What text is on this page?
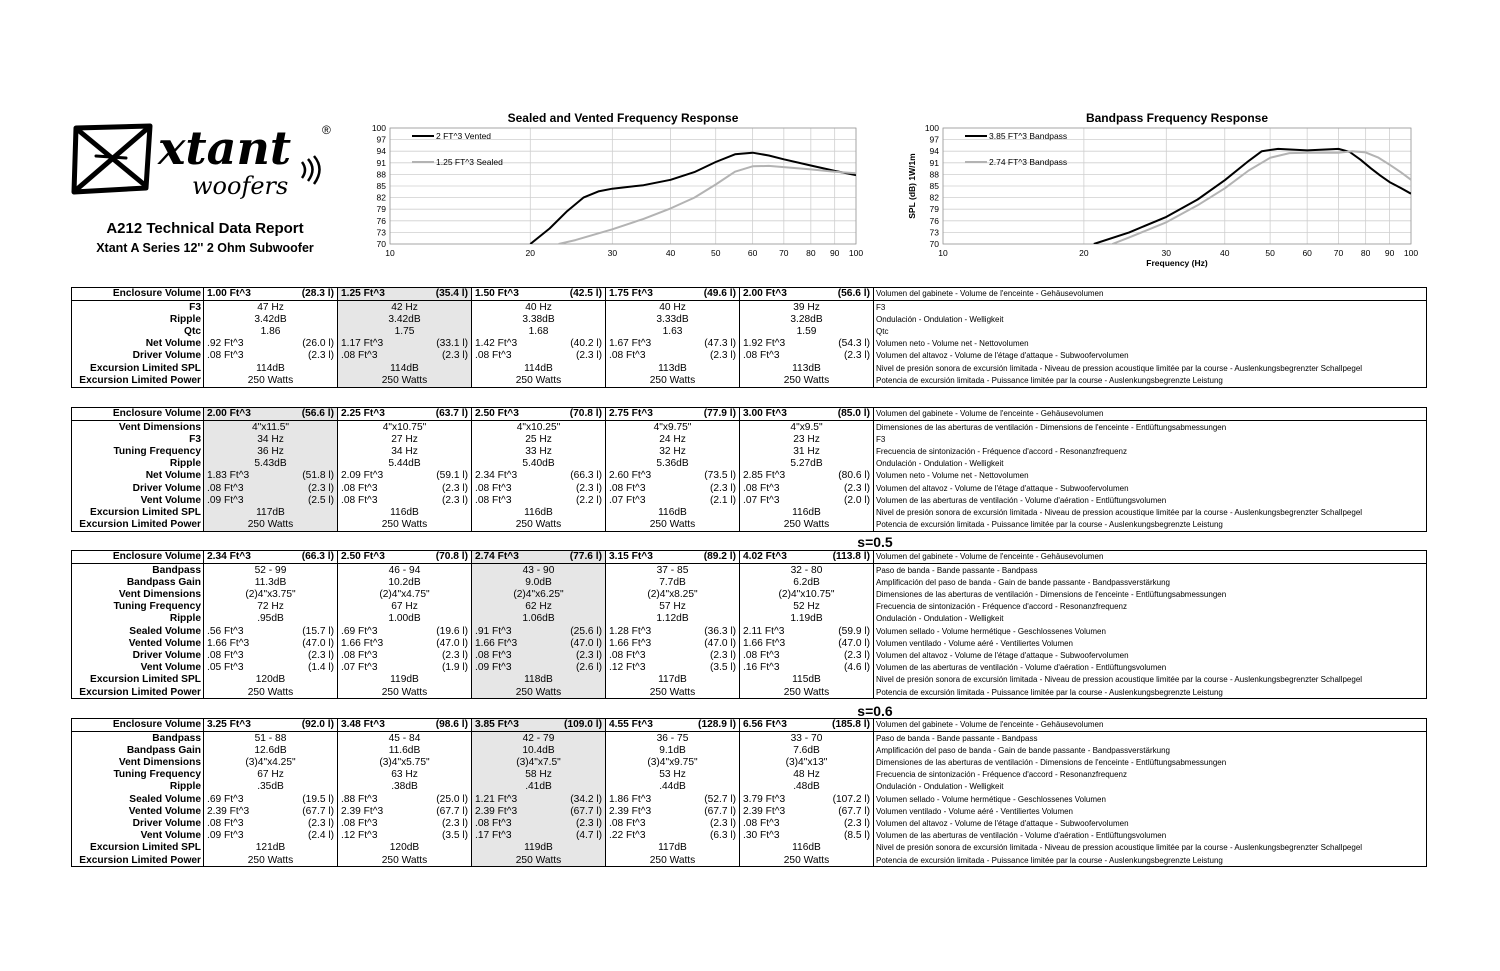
xtant
woofers
®
A212 Technical Data Report
Xtant A Series 12'' 2 Ohm Subwoofer
Sealed and Vented Frequency Response
100
97
94
91
88
85
82
79
76
73
70
10	20	30	40	50	60	70 80 90 100
2 FT^3 Vented
1.25 FT^3 Sealed
Bandpass Frequency Response
100
97
94
91
88
85
82
79
76
73
70
10	20	30	40	50	60	70 80 90 100
Frequency (Hz)
SPL (dB) 1W/1m
3.85 FT^3 Bandpass
2.74 FT^3 Bandpass
Enclosure Volume	1.00 Ft^3 (28.3 l)	1.25 Ft^3 (35.4 l)	1.50 Ft^3 (42.5 l)	1.75 Ft^3 (49.6 l)	2.00 Ft^3 (56.6 l)	Volumen del gabinete - Volume de l'enceinte - Gehäusevolumen
F3	47 Hz	42 Hz	40 Hz	40 Hz	39 Hz	F3
Ripple	3.42dB	3.42dB	3.38dB	3.33dB	3.28dB	Ondulación - Ondulation - Welligkeit
Qtc	1.86	1.75	1.68	1.63	1.59	Qtc
Net Volume	.92 Ft^3 (26.0 l)	1.17 Ft^3 (33.1 l)	1.42 Ft^3 (40.2 l)	1.67 Ft^3 (47.3 l)	1.92 Ft^3 (54.3 l)	Volumen neto - Volume net - Nettovolumen
Driver Volume	.08 Ft^3 (2.3 l)	.08 Ft^3 (2.3 l)	.08 Ft^3 (2.3 l)	.08 Ft^3 (2.3 l)	.08 Ft^3 (2.3 l)	Volumen del altavoz - Volume de l'étage d'attaque - Subwoofervolumen
Excursion Limited SPL	114dB	114dB	114dB	113dB	113dB	Nivel de presión sonora de excursión limitada - Niveau de pression acoustique limitée par la course - Auslenkungsbegrenzter Schallpegel
Excursion Limited Power	250 Watts	250 Watts	250 Watts	250 Watts	250 Watts	Potencia de excursión limitada - Puissance limitée par la course - Auslenkungsbegrenzte Leistung
Enclosure Volume	2.00 Ft^3 (56.6 l)	2.25 Ft^3 (63.7 l)	2.50 Ft^3 (70.8 l)	2.75 Ft^3 (77.9 l)	3.00 Ft^3 (85.0 l)	Volumen del gabinete - Volume de l'enceinte - Gehäusevolumen
Vent Dimensions	4"x11.5"	4"x10.75"	4"x10.25"	4"x9.75"	4"x9.5"	Dimensiones de las aberturas de ventilación - Dimensions de l'enceinte - Entlüftungsabmessungen
F3	34 Hz	27 Hz	25 Hz	24 Hz	23 Hz	F3
Tuning Frequency	36 Hz	34 Hz	33 Hz	32 Hz	31 Hz	Frecuencia de sintonización - Fréquence d'accord - Resonanzfrequenz
Ripple	5.43dB	5.44dB	5.40dB	5.36dB	5.27dB	Ondulación - Ondulation - Welligkeit
Net Volume	1.83 Ft^3 (51.8 l)	2.09 Ft^3 (59.1 l)	2.34 Ft^3 (66.3 l)	2.60 Ft^3 (73.5 l)	2.85 Ft^3 (80.6 l)	Volumen neto - Volume net - Nettovolumen
Driver Volume	.08 Ft^3 (2.3 l)	.08 Ft^3 (2.3 l)	.08 Ft^3 (2.3 l)	.08 Ft^3 (2.3 l)	.08 Ft^3 (2.3 l)	Volumen del altavoz - Volume de l'étage d'attaque - Subwoofervolumen
Vent Volume	.09 Ft^3 (2.5 l)	.08 Ft^3 (2.3 l)	.08 Ft^3 (2.2 l)	.07 Ft^3 (2.1 l)	.07 Ft^3 (2.0 l)	Volumen de las aberturas de ventilación - Volume d'aération - Entlüftungsvolumen
Excursion Limited SPL	117dB	116dB	116dB	116dB	116dB	Nivel de presión sonora de excursión limitada - Niveau de pression acoustique limitée par la course - Auslenkungsbegrenzter Schallpegel
Excursion Limited Power	250 Watts	250 Watts	250 Watts	250 Watts	250 Watts	Potencia de excursión limitada - Puissance limitée par la course - Auslenkungsbegrenzte Leistung
s=0.5
Enclosure Volume	2.34 Ft^3 (66.3 l)	2.50 Ft^3 (70.8 l)	2.74 Ft^3 (77.6 l)	3.15 Ft^3 (89.2 l)	4.02 Ft^3 (113.8 l)	Volumen del gabinete - Volume de l'enceinte - Gehäusevolumen
Bandpass	52 - 99	46 - 94	43 - 90	37 - 85	32 - 80	Paso de banda - Bande passante - Bandpass
Bandpass Gain	11.3dB	10.2dB	9.0dB	7.7dB	6.2dB	Amplificación del paso de banda - Gain de bande passante - Bandpassverstärkung
Vent Dimensions	(2)4"x3.75"	(2)4"x4.75"	(2)4"x6.25"	(2)4"x8.25"	(2)4"x10.75"	Dimensiones de las aberturas de ventilación - Dimensions de l'enceinte - Entlüftungsabmessungen
Tuning Frequency	72 Hz	67 Hz	62 Hz	57 Hz	52 Hz	Frecuencia de sintonización - Fréquence d'accord - Resonanzfrequenz
Ripple	.95dB	1.00dB	1.06dB	1.12dB	1.19dB	Ondulación - Ondulation - Welligkeit
Sealed Volume	.56 Ft^3 (15.7 l)	.69 Ft^3 (19.6 l)	.91 Ft^3 (25.6 l)	1.28 Ft^3 (36.3 l)	2.11 Ft^3 (59.9 l)	Volumen sellado - Volume hermétique - Geschlossenes Volumen
Vented Volume	1.66 Ft^3 (47.0 l)	1.66 Ft^3 (47.0 l)	1.66 Ft^3 (47.0 l)	1.66 Ft^3 (47.0 l)	1.66 Ft^3 (47.0 l)	Volumen ventilado - Volume aéré - Ventiliertes Volumen
Driver Volume	.08 Ft^3 (2.3 l)	.08 Ft^3 (2.3 l)	.08 Ft^3 (2.3 l)	.08 Ft^3 (2.3 l)	.08 Ft^3 (2.3 l)	Volumen del altavoz - Volume de l'étage d'attaque - Subwoofervolumen
Vent Volume	.05 Ft^3 (1.4 l)	.07 Ft^3 (1.9 l)	.09 Ft^3 (2.6 l)	.12 Ft^3 (3.5 l)	.16 Ft^3 (4.6 l)	Volumen de las aberturas de ventilación - Volume d'aération - Entlüftungsvolumen
Excursion Limited SPL	120dB	119dB	118dB	117dB	115dB	Nivel de presión sonora de excursión limitada - Niveau de pression acoustique limitée par la course - Auslenkungsbegrenzter Schallpegel
Excursion Limited Power	250 Watts	250 Watts	250 Watts	250 Watts	250 Watts	Potencia de excursión limitada - Puissance limitée par la course - Auslenkungsbegrenzte Leistung
s=0.6
Enclosure Volume	3.25 Ft^3 (92.0 l)	3.48 Ft^3 (98.6 l)	3.85 Ft^3 (109.0 l)	4.55 Ft^3 (128.9 l)	6.56 Ft^3 (185.8 l)	Volumen del gabinete - Volume de l'enceinte - Gehäusevolumen
Bandpass	51 - 88	45 - 84	42 - 79	36 - 75	33 - 70	Paso de banda - Bande passante - Bandpass
Bandpass Gain	12.6dB	11.6dB	10.4dB	9.1dB	7.6dB	Amplificación del paso de banda - Gain de bande passante - Bandpassverstärkung
Vent Dimensions	(3)4"x4.25"	(3)4"x5.75"	(3)4"x7.5"	(3)4"x9.75"	(3)4"x13"	Dimensiones de las aberturas de ventilación - Dimensions de l'enceinte - Entlüftungsabmessungen
Tuning Frequency	67 Hz	63 Hz	58 Hz	53 Hz	48 Hz	Frecuencia de sintonización - Fréquence d'accord - Resonanzfrequenz
Ripple	.35dB	.38dB	.41dB	.44dB	.48dB	Ondulación - Ondulation - Welligkeit
Sealed Volume	.69 Ft^3 (19.5 l)	.88 Ft^3 (25.0 l)	1.21 Ft^3 (34.2 l)	1.86 Ft^3 (52.7 l)	3.79 Ft^3 (107.2 l)	Volumen sellado - Volume hermétique - Geschlossenes Volumen
Vented Volume	2.39 Ft^3 (67.7 l)	2.39 Ft^3 (67.7 l)	2.39 Ft^3 (67.7 l)	2.39 Ft^3 (67.7 l)	2.39 Ft^3 (67.7 l)	Volumen ventilado - Volume aéré - Ventiliertes Volumen
Driver Volume	.08 Ft^3 (2.3 l)	.08 Ft^3 (2.3 l)	.08 Ft^3 (2.3 l)	.08 Ft^3 (2.3 l)	.08 Ft^3 (2.3 l)	Volumen del altavoz - Volume de l'étage d'attaque - Subwoofervolumen
Vent Volume	.09 Ft^3 (2.4 l)	.12 Ft^3 (3.5 l)	.17 Ft^3 (4.7 l)	.22 Ft^3 (6.3 l)	.30 Ft^3 (8.5 l)	Volumen de las aberturas de ventilación - Volume d'aération - Entlüftungsvolumen
Excursion Limited SPL	121dB	120dB	119dB	117dB	116dB	Nivel de presión sonora de excursión limitada - Niveau de pression acoustique limitée par la course - Auslenkungsbegrenzter Schallpegel
Excursion Limited Power	250 Watts	250 Watts	250 Watts	250 Watts	250 Watts	Potencia de excursión limitada - Puissance limitée par la course - Auslenkungsbegrenzte Leistung
